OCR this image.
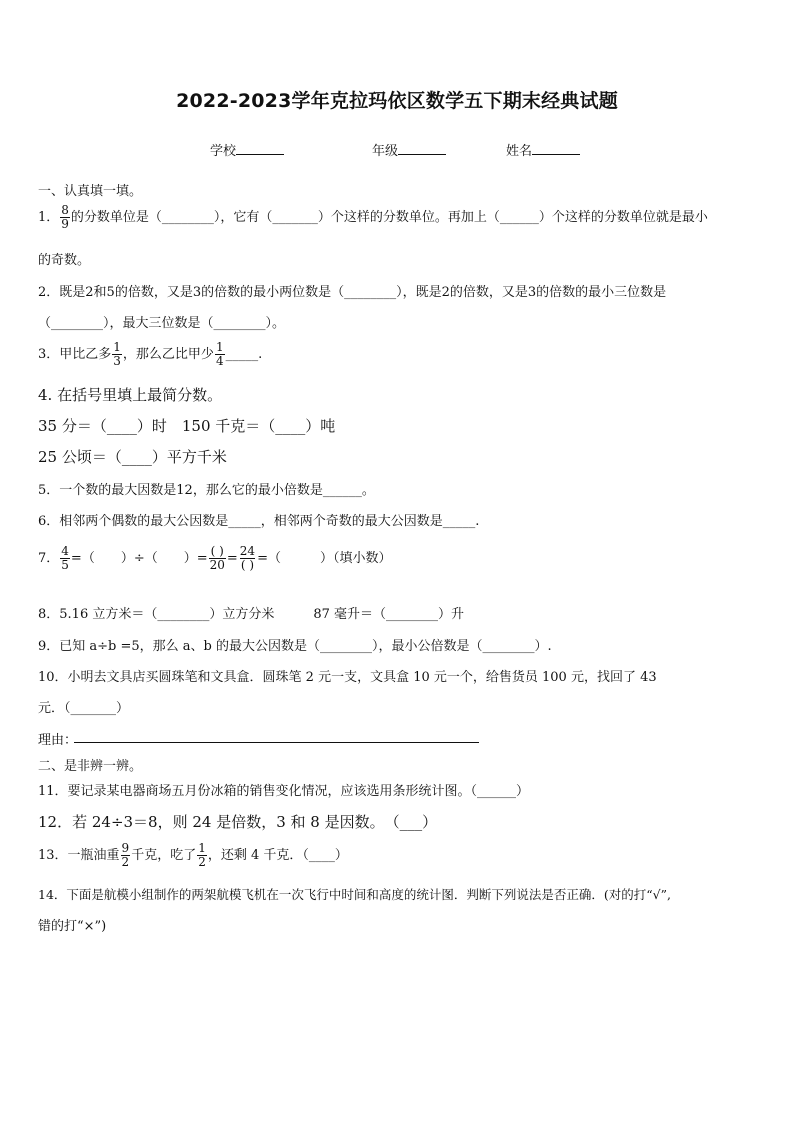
2022-2023学年克拉玛依区数学五下期末经典试题
学校	年级	姓名
一、认真填一填。
1． $\frac{8}{9}$ 的分数单位是（________），它有（_______）个这样的分数单位。再加上（______）个这样的分数单位就是最小
的奇数。
2．既是2和5的倍数，又是3的倍数的最小两位数是（________），既是2的倍数，又是3的倍数的最小三位数是
（________），最大三位数是（________）。
3．甲比乙多 $\frac{1}{3}$ ，那么乙比甲少 $\frac{1}{4}$ _____.
4. 在括号里填上最简分数。
35 分＝（____）时　150 千克＝（____）吨
25 公顷＝（____）平方千米
5．一个数的最大因数是12，那么它的最小倍数是______。
6．相邻两个偶数的最大公因数是_____，相邻两个奇数的最大公因数是_____.
7． $\frac{4}{5}$ =（　　）÷（　　）= $\frac{( )}{20} = \frac{24}{( )}$ =（　　　）（填小数）
8．5.16 立方米＝（________）立方分米　　　87 毫升＝（________）升
9．已知 a÷b =5，那么 a、b 的最大公因数是（________），最小公倍数是（________）.
10．小明去文具店买圆珠笔和文具盒．圆珠笔 2 元一支，文具盒 10 元一个，给售货员 100 元，找回了 43
元．（_______）
理由：
二、是非辨一辨。
11．要记录某电器商场五月份冰箱的销售变化情况，应该选用条形统计图。（______）
12．若 24÷3＝8，则 24 是倍数，3 和 8 是因数。　（___）
13．一瓶油重 $\frac{9}{2}$ 千克，吃了 $\frac{1}{2}$ ，还剩 4 千克．（____）
14．下面是航模小组制作的两架航模飞机在一次飞行中时间和高度的统计图．判断下列说法是否正确．(对的打“√”,
错的打“×”)
